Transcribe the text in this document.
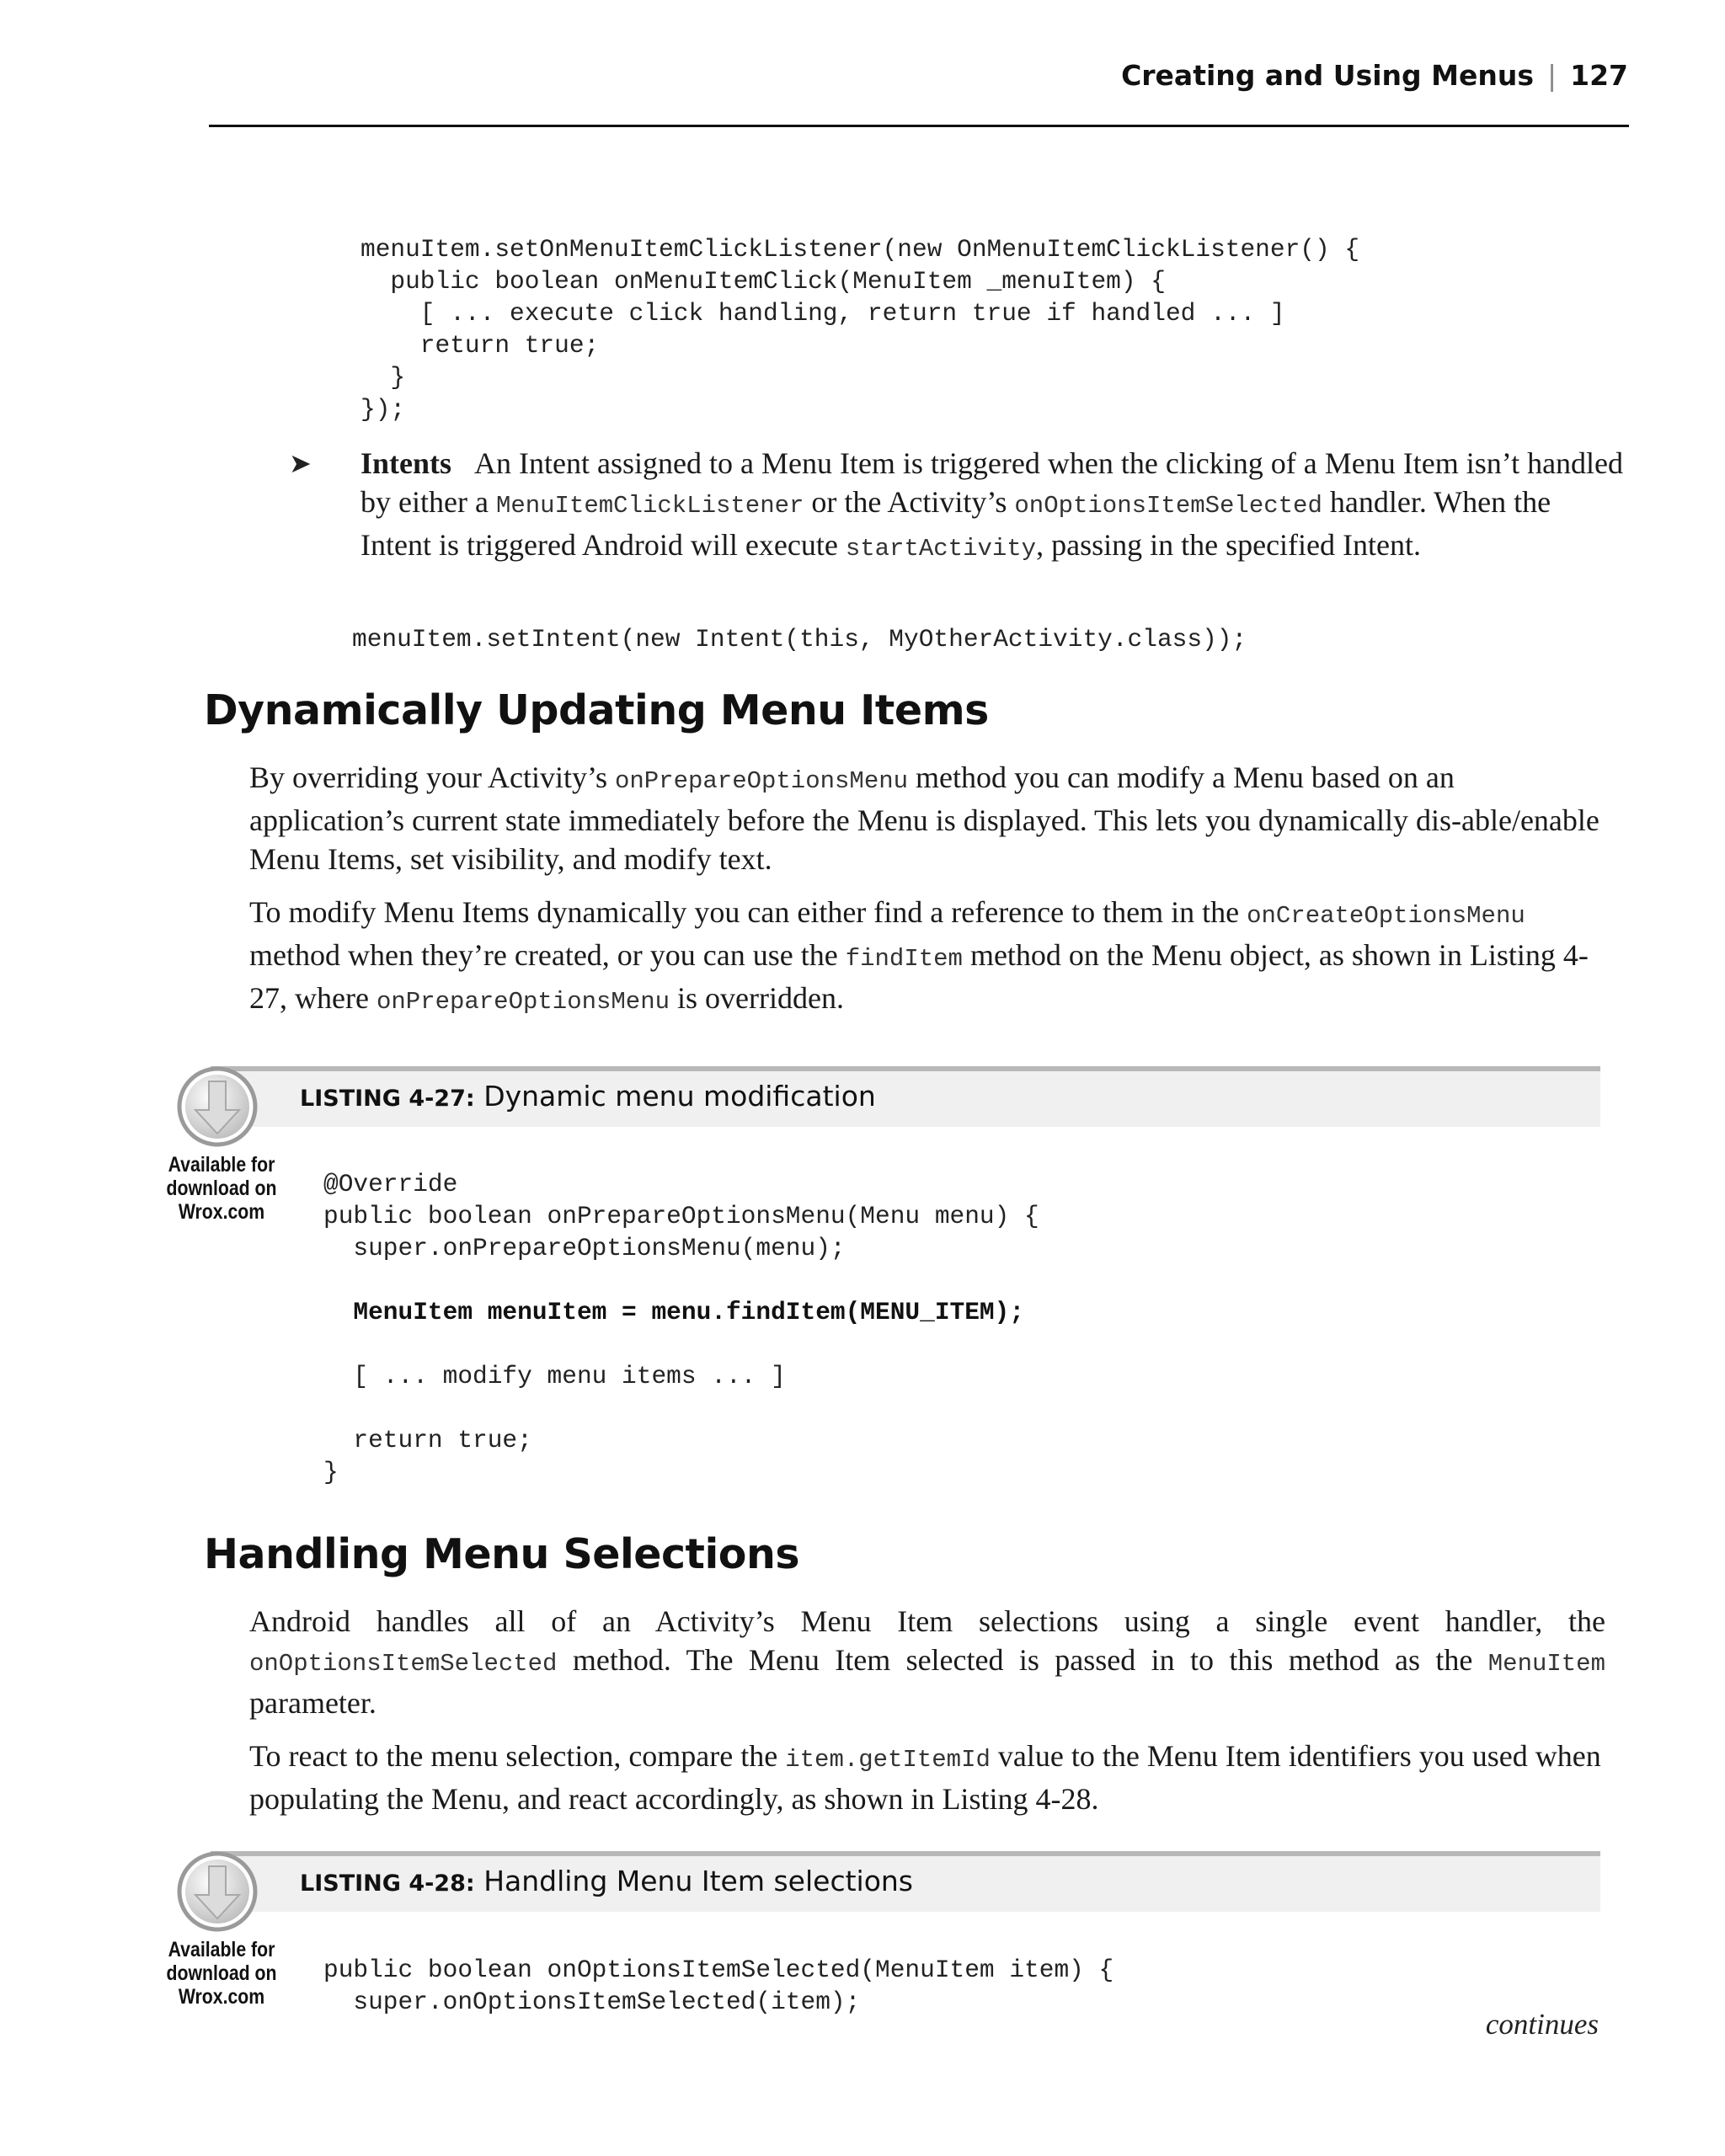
Creating and Using Menus | 127
menuItem.setOnMenuItemClickListener(new OnMenuItemClickListener() {
public boolean onMenuItemClick(MenuItem _menuItem) {
[ ... execute click handling, return true if handled ... ]
return true;
}
});
➤ Intents An Intent assigned to a Menu Item is triggered when the clicking of a Menu Item isn’t handled by either a MenuItemClickListener or the Activity’s onOptionsItemSelected handler. When the Intent is triggered Android will execute startActivity, passing in the specified Intent.
menuItem.setIntent(new Intent(this, MyOtherActivity.class));
Dynamically Updating Menu Items
By overriding your Activity’s onPrepareOptionsMenu method you can modify a Menu based on an application’s current state immediately before the Menu is displayed. This lets you dynamically dis-able/enable Menu Items, set visibility, and modify text.
To modify Menu Items dynamically you can either find a reference to them in the onCreateOptionsMenu method when they’re created, or you can use the findItem method on the Menu object, as shown in Listing 4-27, where onPrepareOptionsMenu is overridden.
LISTING 4-27: Dynamic menu modification
Available for
download on
Wrox.com
@Override
public boolean onPrepareOptionsMenu(Menu menu) {
super.onPrepareOptionsMenu(menu);

MenuItem menuItem = menu.findItem(MENU_ITEM);

[ ... modify menu items ... ]

return true;
}
Handling Menu Selections
Android handles all of an Activity’s Menu Item selections using a single event handler, the onOptionsItemSelected method. The Menu Item selected is passed in to this method as the MenuItem parameter.
To react to the menu selection, compare the item.getItemId value to the Menu Item identifiers you used when populating the Menu, and react accordingly, as shown in Listing 4-28.
LISTING 4-28: Handling Menu Item selections
Available for
download on
Wrox.com
public boolean onOptionsItemSelected(MenuItem item) {
super.onOptionsItemSelected(item);
continues
